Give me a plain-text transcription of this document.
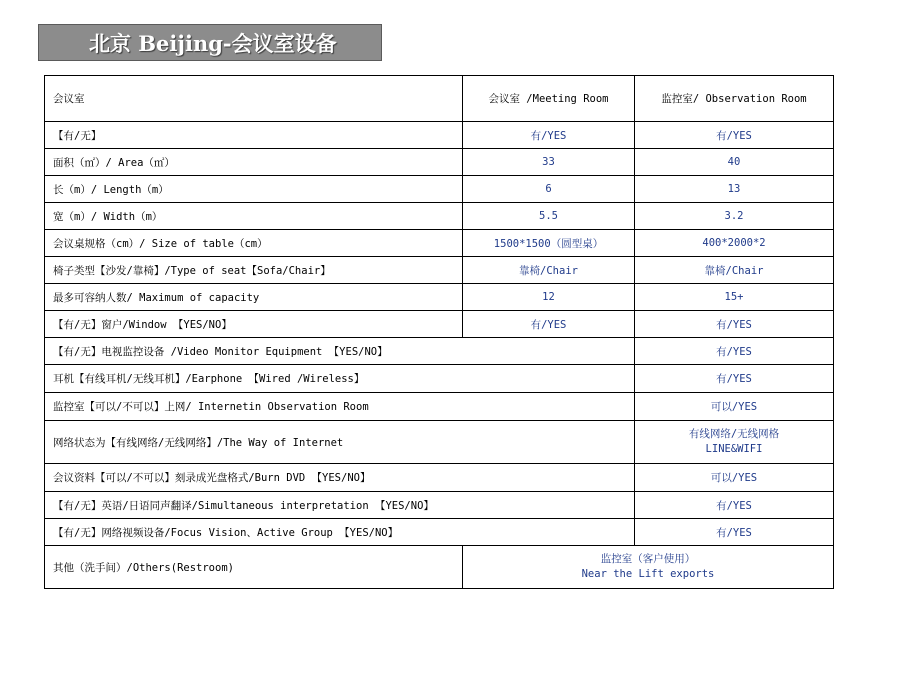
北京 Beijing-会议室设备
会议室	会议室 /Meeting Room	监控室/ Observation Room
【有/无】	有/YES	有/YES
面积（㎡）/ Area（㎡）	33	40
长（m）/ Length（m）	6	13
宽（m）/ Width（m）	5.5	3.2
会议桌规格（cm）/ Size of table（cm）	1500*1500（圆型桌）	400*2000*2
椅子类型【沙发/靠椅】/Type of seat【Sofa/Chair】	靠椅/Chair	靠椅/Chair
最多可容纳人数/ Maximum of capacity	12	15+
【有/无】窗户/Window 【YES/NO】	有/YES	有/YES
【有/无】电视监控设备 /Video Monitor Equipment 【YES/NO】		有/YES
耳机【有线耳机/无线耳机】/Earphone 【Wired /Wireless】		有/YES
监控室【可以/不可以】上网/ Internetin Observation Room		可以/YES
网络状态为【有线网络/无线网络】/The Way of Internet		有线网络/无线网格
LINE&WIFI

会议资料【可以/不可以】刻录成光盘格式/Burn DVD 【YES/NO】		可以/YES
【有/无】英语/日语同声翻译/Simultaneous interpretation 【YES/NO】		有/YES
【有/无】网络视频设备/Focus Vision、Active Group 【YES/NO】		有/YES
其他（洗手间）/Others(Restroom)	监控室（客户使用）
Near the Lift exports	
